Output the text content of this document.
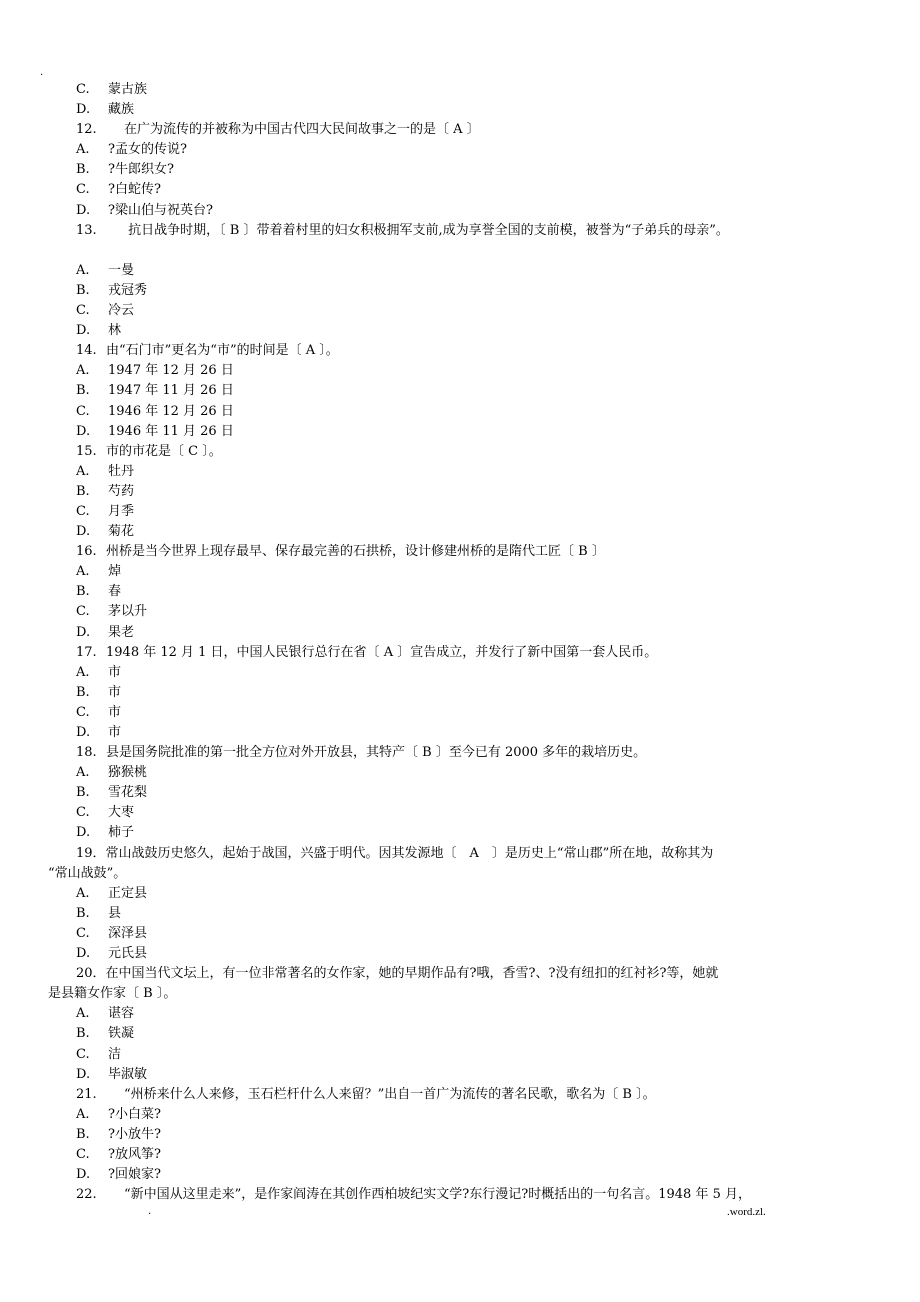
.
C. 蒙古族
D. 藏族
12. 在广为流传的并被称为中国古代四大民间故事之一的是〔 A 〕
A. ?孟女的传说?
B. ?牛郎织女?
C. ?白蛇传?
D. ?梁山伯与祝英台?
13. 抗日战争时期，〔 B 〕带着着村里的妇女积极拥军支前,成为享誉全国的支前模，被誉为“子弟兵的母亲”。
A. 一曼
B. 戎冠秀
C. 冷云
D. 林
14. 由“石门市”更名为“市”的时间是〔 A 〕。
A. 1947 年 12 月 26 日
B. 1947 年 11 月 26 日
C. 1946 年 12 月 26 日
D. 1946 年 11 月 26 日
15. 市的市花是〔 C 〕。
A. 牡丹
B. 芍药
C. 月季
D. 菊花
16. 州桥是当今世界上现存最早、保存最完善的石拱桥，设计修建州桥的是隋代工匠〔 B 〕
A. 焯
B. 春
C. 茅以升
D. 果老
17. 1948 年 12 月 1 日，中国人民银行总行在省〔 A 〕宣告成立，并发行了新中国第一套人民币。
A. 市
B. 市
C. 市
D. 市
18. 县是国务院批准的第一批全方位对外开放县，其特产〔 B 〕至今已有 2000 多年的栽培历史。
A. 猕猴桃
B. 雪花梨
C. 大枣
D. 柿子
19．常山战鼓历史悠久，起始于战国，兴盛于明代。因其发源地〔　A　〕是历史上“常山郡”所在地，故称其为
“常山战鼓”。
A. 正定县
B. 县
C. 深泽县
D. 元氏县
20．在中国当代文坛上，有一位非常著名的女作家，她的早期作品有?哦，香雪?、?没有纽扣的红衬衫?等，她就
是县籍女作家〔 B 〕。
A. 谌容
B. 铁凝
C. 洁
D. 毕淑敏
21. “州桥来什么人来修，玉石栏杆什么人来留？”出自一首广为流传的著名民歌，歌名为〔 B 〕。
A. ?小白菜?
B. ?小放牛?
C. ?放风筝?
D. ?回娘家?
22. “新中国从这里走来”，是作家阎涛在其创作西柏坡纪实文学?东行漫记?时概括出的一句名言。1948 年 5 月，
.	.word.zl.
